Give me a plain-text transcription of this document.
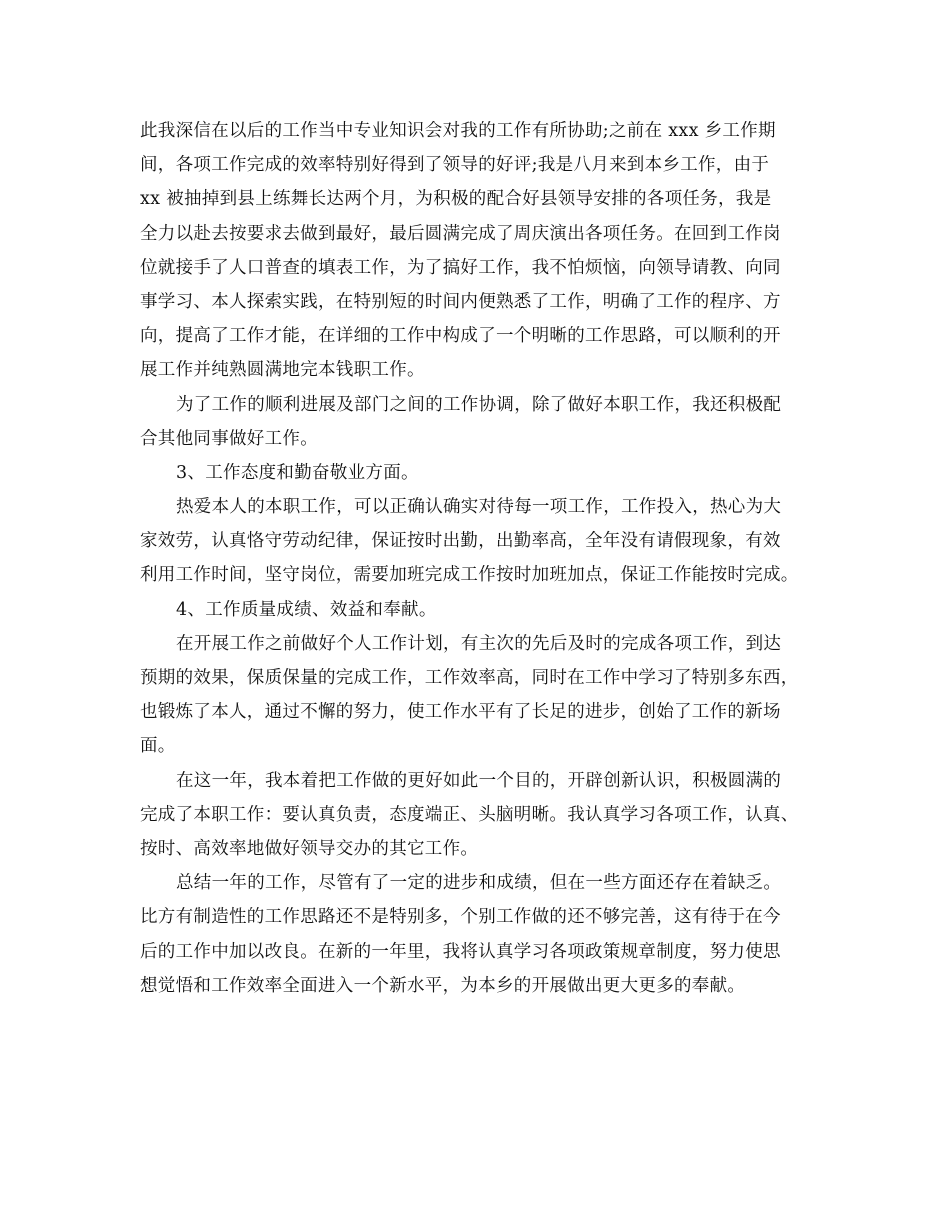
此我深信在以后的工作当中专业知识会对我的工作有所协助;之前在 xxx 乡工作期
间，各项工作完成的效率特别好得到了领导的好评;我是八月来到本乡工作，由于
xx 被抽掉到县上练舞长达两个月，为积极的配合好县领导安排的各项任务，我是
全力以赴去按要求去做到最好，最后圆满完成了周庆演出各项任务。在回到工作岗
位就接手了人口普查的填表工作，为了搞好工作，我不怕烦恼，向领导请教、向同
事学习、本人探索实践，在特别短的时间内便熟悉了工作，明确了工作的程序、方
向，提高了工作才能，在详细的工作中构成了一个明晰的工作思路，可以顺利的开
展工作并纯熟圆满地完本钱职工作。
为了工作的顺利进展及部门之间的工作协调，除了做好本职工作，我还积极配
合其他同事做好工作。
3、工作态度和勤奋敬业方面。
热爱本人的本职工作，可以正确认确实对待每一项工作，工作投入，热心为大
家效劳，认真恪守劳动纪律，保证按时出勤，出勤率高，全年没有请假现象，有效
利用工作时间，坚守岗位，需要加班完成工作按时加班加点，保证工作能按时完成。
4、工作质量成绩、效益和奉献。
在开展工作之前做好个人工作计划，有主次的先后及时的完成各项工作，到达
预期的效果，保质保量的完成工作，工作效率高，同时在工作中学习了特别多东西，
也锻炼了本人，通过不懈的努力，使工作水平有了长足的进步，创始了工作的新场
面。
在这一年，我本着把工作做的更好如此一个目的，开辟创新认识，积极圆满的
完成了本职工作：要认真负责，态度端正、头脑明晰。我认真学习各项工作，认真、
按时、高效率地做好领导交办的其它工作。
总结一年的工作，尽管有了一定的进步和成绩，但在一些方面还存在着缺乏。
比方有制造性的工作思路还不是特别多，个别工作做的还不够完善，这有待于在今
后的工作中加以改良。在新的一年里，我将认真学习各项政策规章制度，努力使思
想觉悟和工作效率全面进入一个新水平，为本乡的开展做出更大更多的奉献。
